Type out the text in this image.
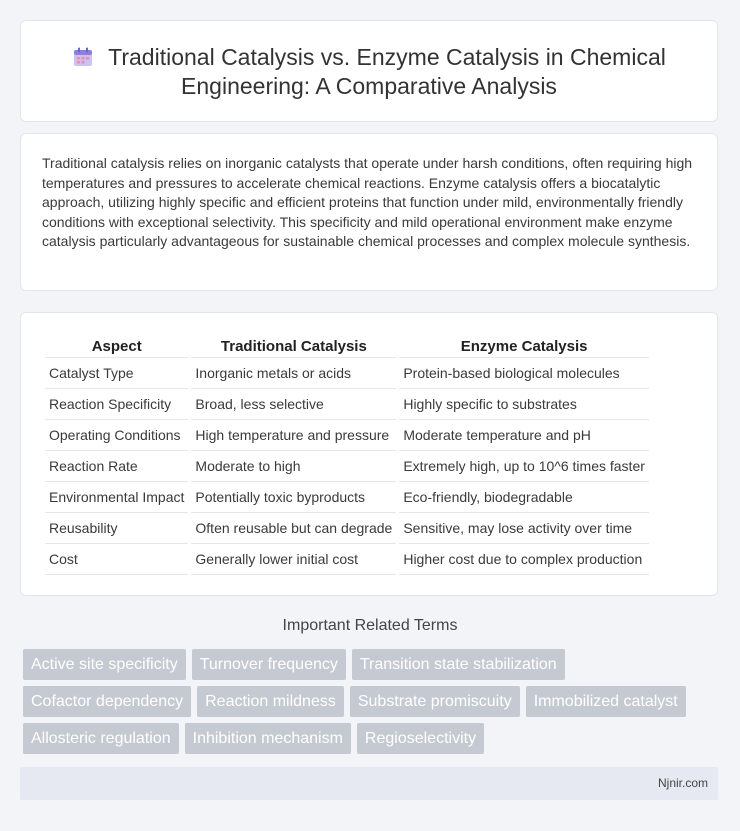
Traditional Catalysis vs. Enzyme Catalysis in Chemical Engineering: A Comparative Analysis

Traditional catalysis relies on inorganic catalysts that operate under harsh conditions, often requiring high temperatures and pressures to accelerate chemical reactions. Enzyme catalysis offers a biocatalytic approach, utilizing highly specific and efficient proteins that function under mild, environmentally friendly conditions with exceptional selectivity. This specificity and mild operational environment make enzyme catalysis particularly advantageous for sustainable chemical processes and complex molecule synthesis.

Aspect	Traditional Catalysis	Enzyme Catalysis
Catalyst Type	Inorganic metals or acids	Protein-based biological molecules
Reaction Specificity	Broad, less selective	Highly specific to substrates
Operating Conditions	High temperature and pressure	Moderate temperature and pH
Reaction Rate	Moderate to high	Extremely high, up to 10^6 times faster
Environmental Impact	Potentially toxic byproducts	Eco-friendly, biodegradable
Reusability	Often reusable but can degrade	Sensitive, may lose activity over time
Cost	Generally lower initial cost	Higher cost due to complex production
Important Related Terms
Active site specificity	Turnover frequency	Transition state stabilization
Cofactor dependency	Reaction mildness	Substrate promiscuity	Immobilized catalyst
Allosteric regulation	Inhibition mechanism	Regioselectivity
Njnir.com
